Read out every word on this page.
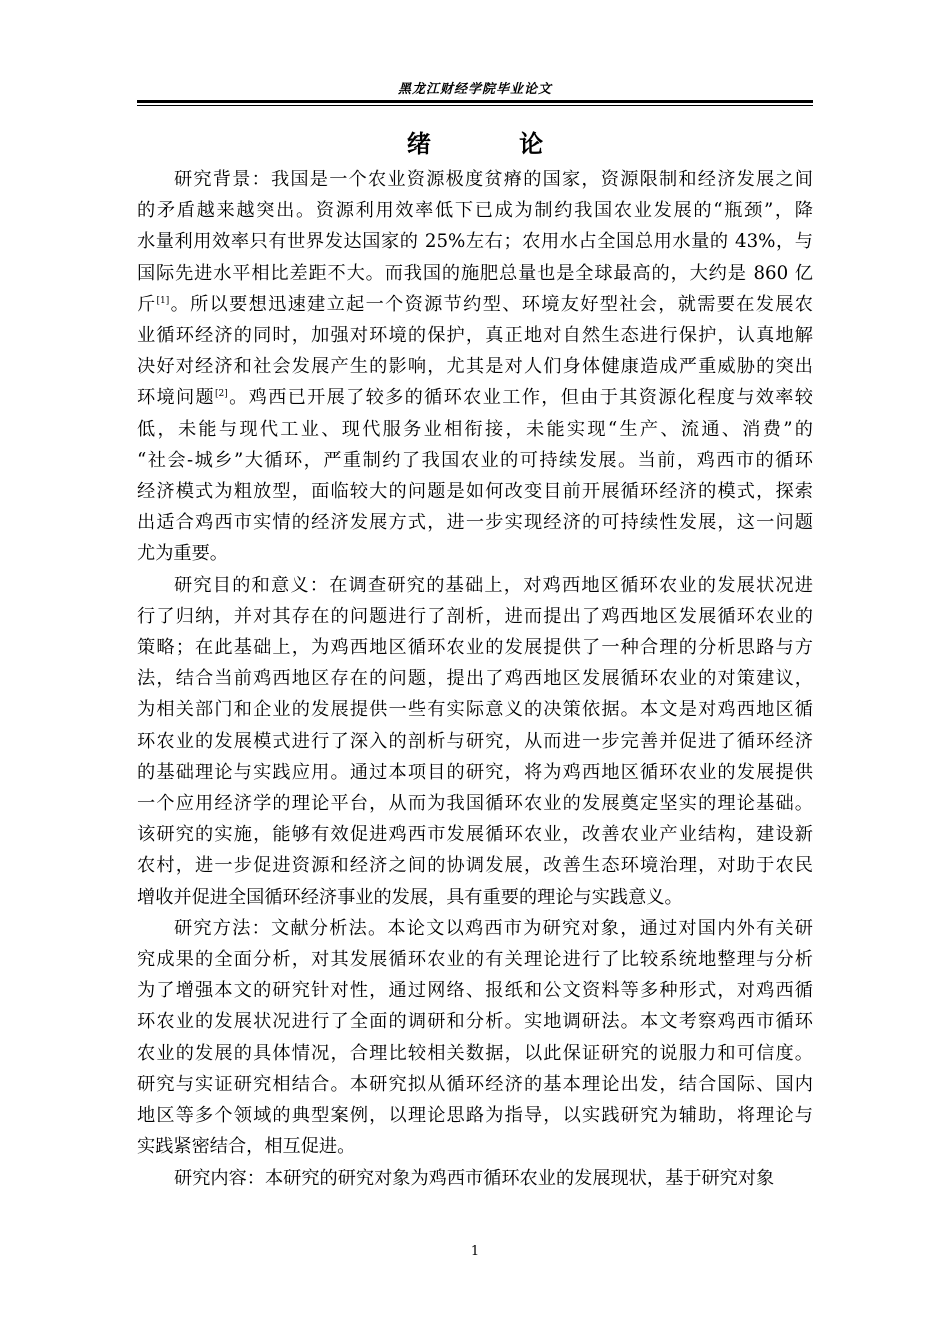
黑龙江财经学院毕业论文
绪 论

研究背景：我国是一个农业资源极度贫瘠的国家，资源限制和经济发展之间
的矛盾越来越突出。资源利用效率低下已成为制约我国农业发展的“瓶颈”，降
水量利用效率只有世界发达国家的 25%左右；农用水占全国总用水量的 43%，与
国际先进水平相比差距不大。而我国的施肥总量也是全球最高的，大约是 860 亿
斤[1]。所以要想迅速建立起一个资源节约型、环境友好型社会，就需要在发展农
业循环经济的同时，加强对环境的保护，真正地对自然生态进行保护，认真地解
决好对经济和社会发展产生的影响，尤其是对人们身体健康造成严重威胁的突出
环境问题[2]。鸡西已开展了较多的循环农业工作，但由于其资源化程度与效率较
低，未能与现代工业、现代服务业相衔接，未能实现“生产、流通、消费”的
“社会-城乡”大循环，严重制约了我国农业的可持续发展。当前，鸡西市的循环
经济模式为粗放型，面临较大的问题是如何改变目前开展循环经济的模式，探索
出适合鸡西市实情的经济发展方式，进一步实现经济的可持续性发展，这一问题
尤为重要。

研究目的和意义：在调查研究的基础上，对鸡西地区循环农业的发展状况进
行了归纳，并对其存在的问题进行了剖析，进而提出了鸡西地区发展循环农业的
策略；在此基础上，为鸡西地区循环农业的发展提供了一种合理的分析思路与方
法，结合当前鸡西地区存在的问题，提出了鸡西地区发展循环农业的对策建议，
为相关部门和企业的发展提供一些有实际意义的决策依据。本文是对鸡西地区循
环农业的发展模式进行了深入的剖析与研究，从而进一步完善并促进了循环经济
的基础理论与实践应用。通过本项目的研究，将为鸡西地区循环农业的发展提供
一个应用经济学的理论平台，从而为我国循环农业的发展奠定坚实的理论基础。
该研究的实施，能够有效促进鸡西市发展循环农业，改善农业产业结构，建设新
农村，进一步促进资源和经济之间的协调发展，改善生态环境治理，对助于农民
增收并促进全国循环经济事业的发展，具有重要的理论与实践意义。

研究方法：文献分析法。本论文以鸡西市为研究对象，通过对国内外有关研
究成果的全面分析，对其发展循环农业的有关理论进行了比较系统地整理与分析
为了增强本文的研究针对性，通过网络、报纸和公文资料等多种形式，对鸡西循
环农业的发展状况进行了全面的调研和分析。实地调研法。本文考察鸡西市循环
农业的发展的具体情况，合理比较相关数据，以此保证研究的说服力和可信度。
研究与实证研究相结合。本研究拟从循环经济的基本理论出发，结合国际、国内
地区等多个领域的典型案例，以理论思路为指导，以实践研究为辅助，将理论与
实践紧密结合，相互促进。

研究内容：本研究的研究对象为鸡西市循环农业的发展现状，基于研究对象

1
